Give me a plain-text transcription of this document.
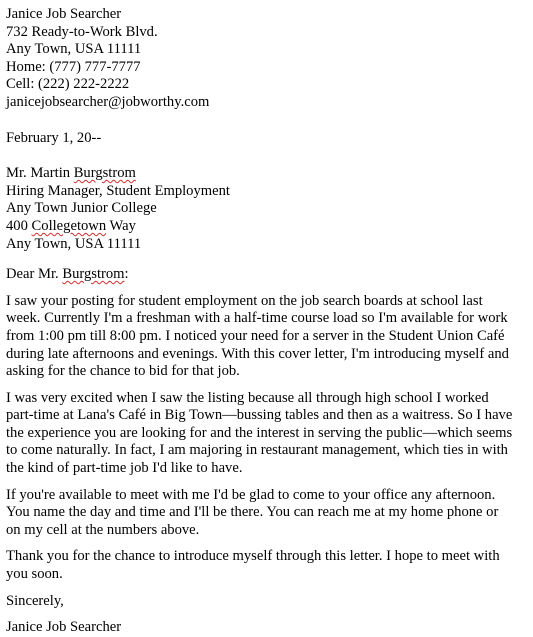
Janice Job Searcher
732 Ready-to-Work Blvd.
Any Town, USA 11111
Home: (777) 777-7777
Cell: (222) 222-2222
janicejobsearcher@jobworthy.com
February 1, 20--
Mr. Martin Burgstrom
Hiring Manager, Student Employment
Any Town Junior College
400 Collegetown Way
Any Town, USA 11111
Dear Mr. Burgstrom:

I saw your posting for student employment on the job search boards at school last week. Currently I'm a freshman with a half-time course load so I'm available for work from 1:00 pm till 8:00 pm. I noticed your need for a server in the Student Union Café during late afternoons and evenings. With this cover letter, I'm introducing myself and asking for the chance to bid for that job.

I was very excited when I saw the listing because all through high school I worked part-time at Lana's Café in Big Town—bussing tables and then as a waitress. So I have the experience you are looking for and the interest in serving the public—which seems to come naturally. In fact, I am majoring in restaurant management, which ties in with the kind of part-time job I'd like to have.

If you're available to meet with me I'd be glad to come to your office any afternoon. You name the day and time and I'll be there. You can reach me at my home phone or on my cell at the numbers above.

Thank you for the chance to introduce myself through this letter. I hope to meet with you soon.

Sincerely,
Janice Job Searcher
